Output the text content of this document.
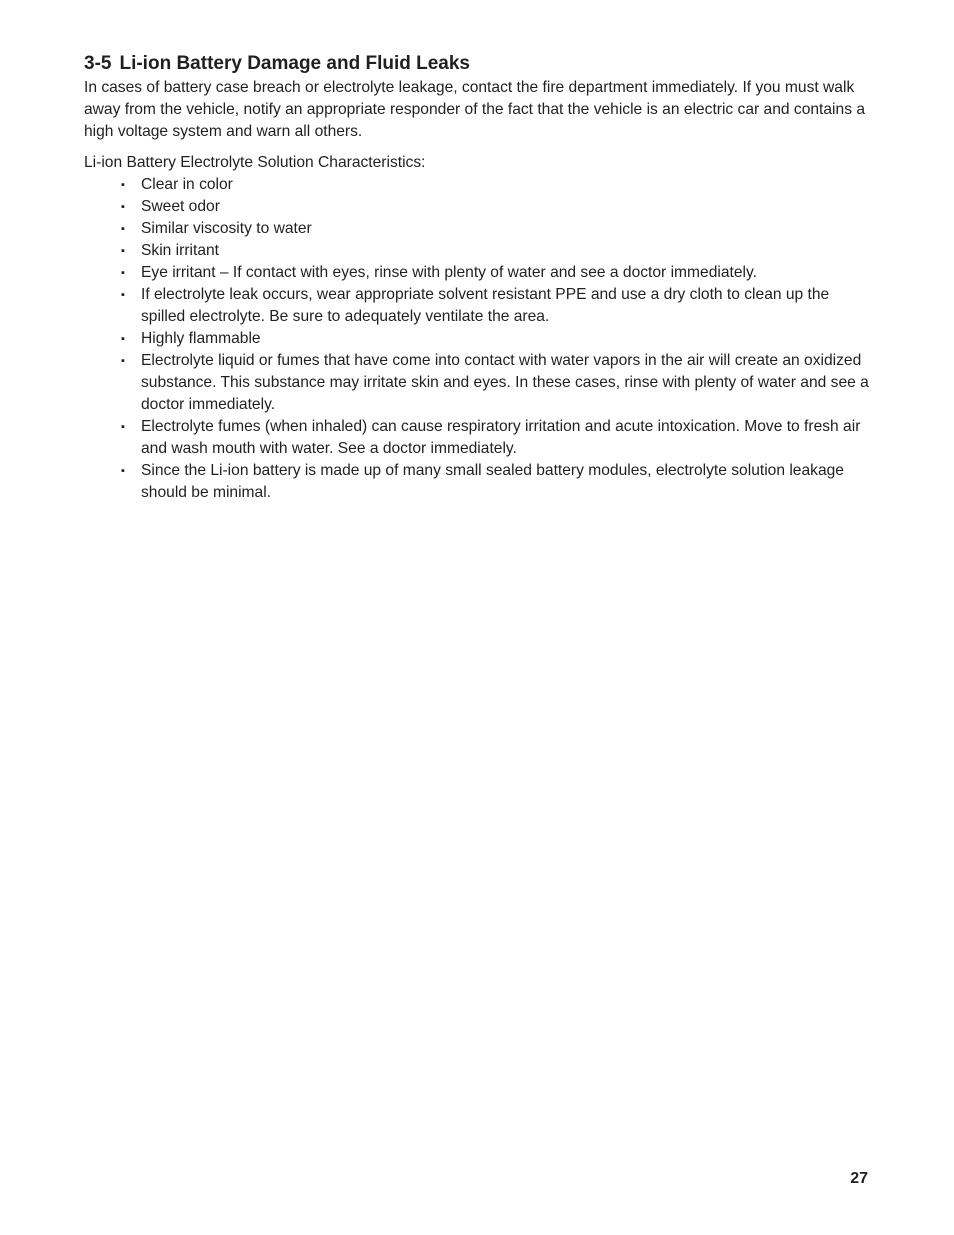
3-5 Li-ion Battery Damage and Fluid Leaks

In cases of battery case breach or electrolyte leakage, contact the fire department immediately. If you must walk away from the vehicle, notify an appropriate responder of the fact that the vehicle is an electric car and contains a high voltage system and warn all others.

Li-ion Battery Electrolyte Solution Characteristics:

▪ Clear in color
▪ Sweet odor
▪ Similar viscosity to water
▪ Skin irritant
▪ Eye irritant – If contact with eyes, rinse with plenty of water and see a doctor immediately.
▪ If electrolyte leak occurs, wear appropriate solvent resistant PPE and use a dry cloth to clean up the spilled electrolyte. Be sure to adequately ventilate the area.
▪ Highly flammable
▪ Electrolyte liquid or fumes that have come into contact with water vapors in the air will create an oxidized substance. This substance may irritate skin and eyes. In these cases, rinse with plenty of water and see a doctor immediately.
▪ Electrolyte fumes (when inhaled) can cause respiratory irritation and acute intoxication. Move to fresh air and wash mouth with water. See a doctor immediately.
▪ Since the Li-ion battery is made up of many small sealed battery modules, electrolyte solution leakage should be minimal.
27
